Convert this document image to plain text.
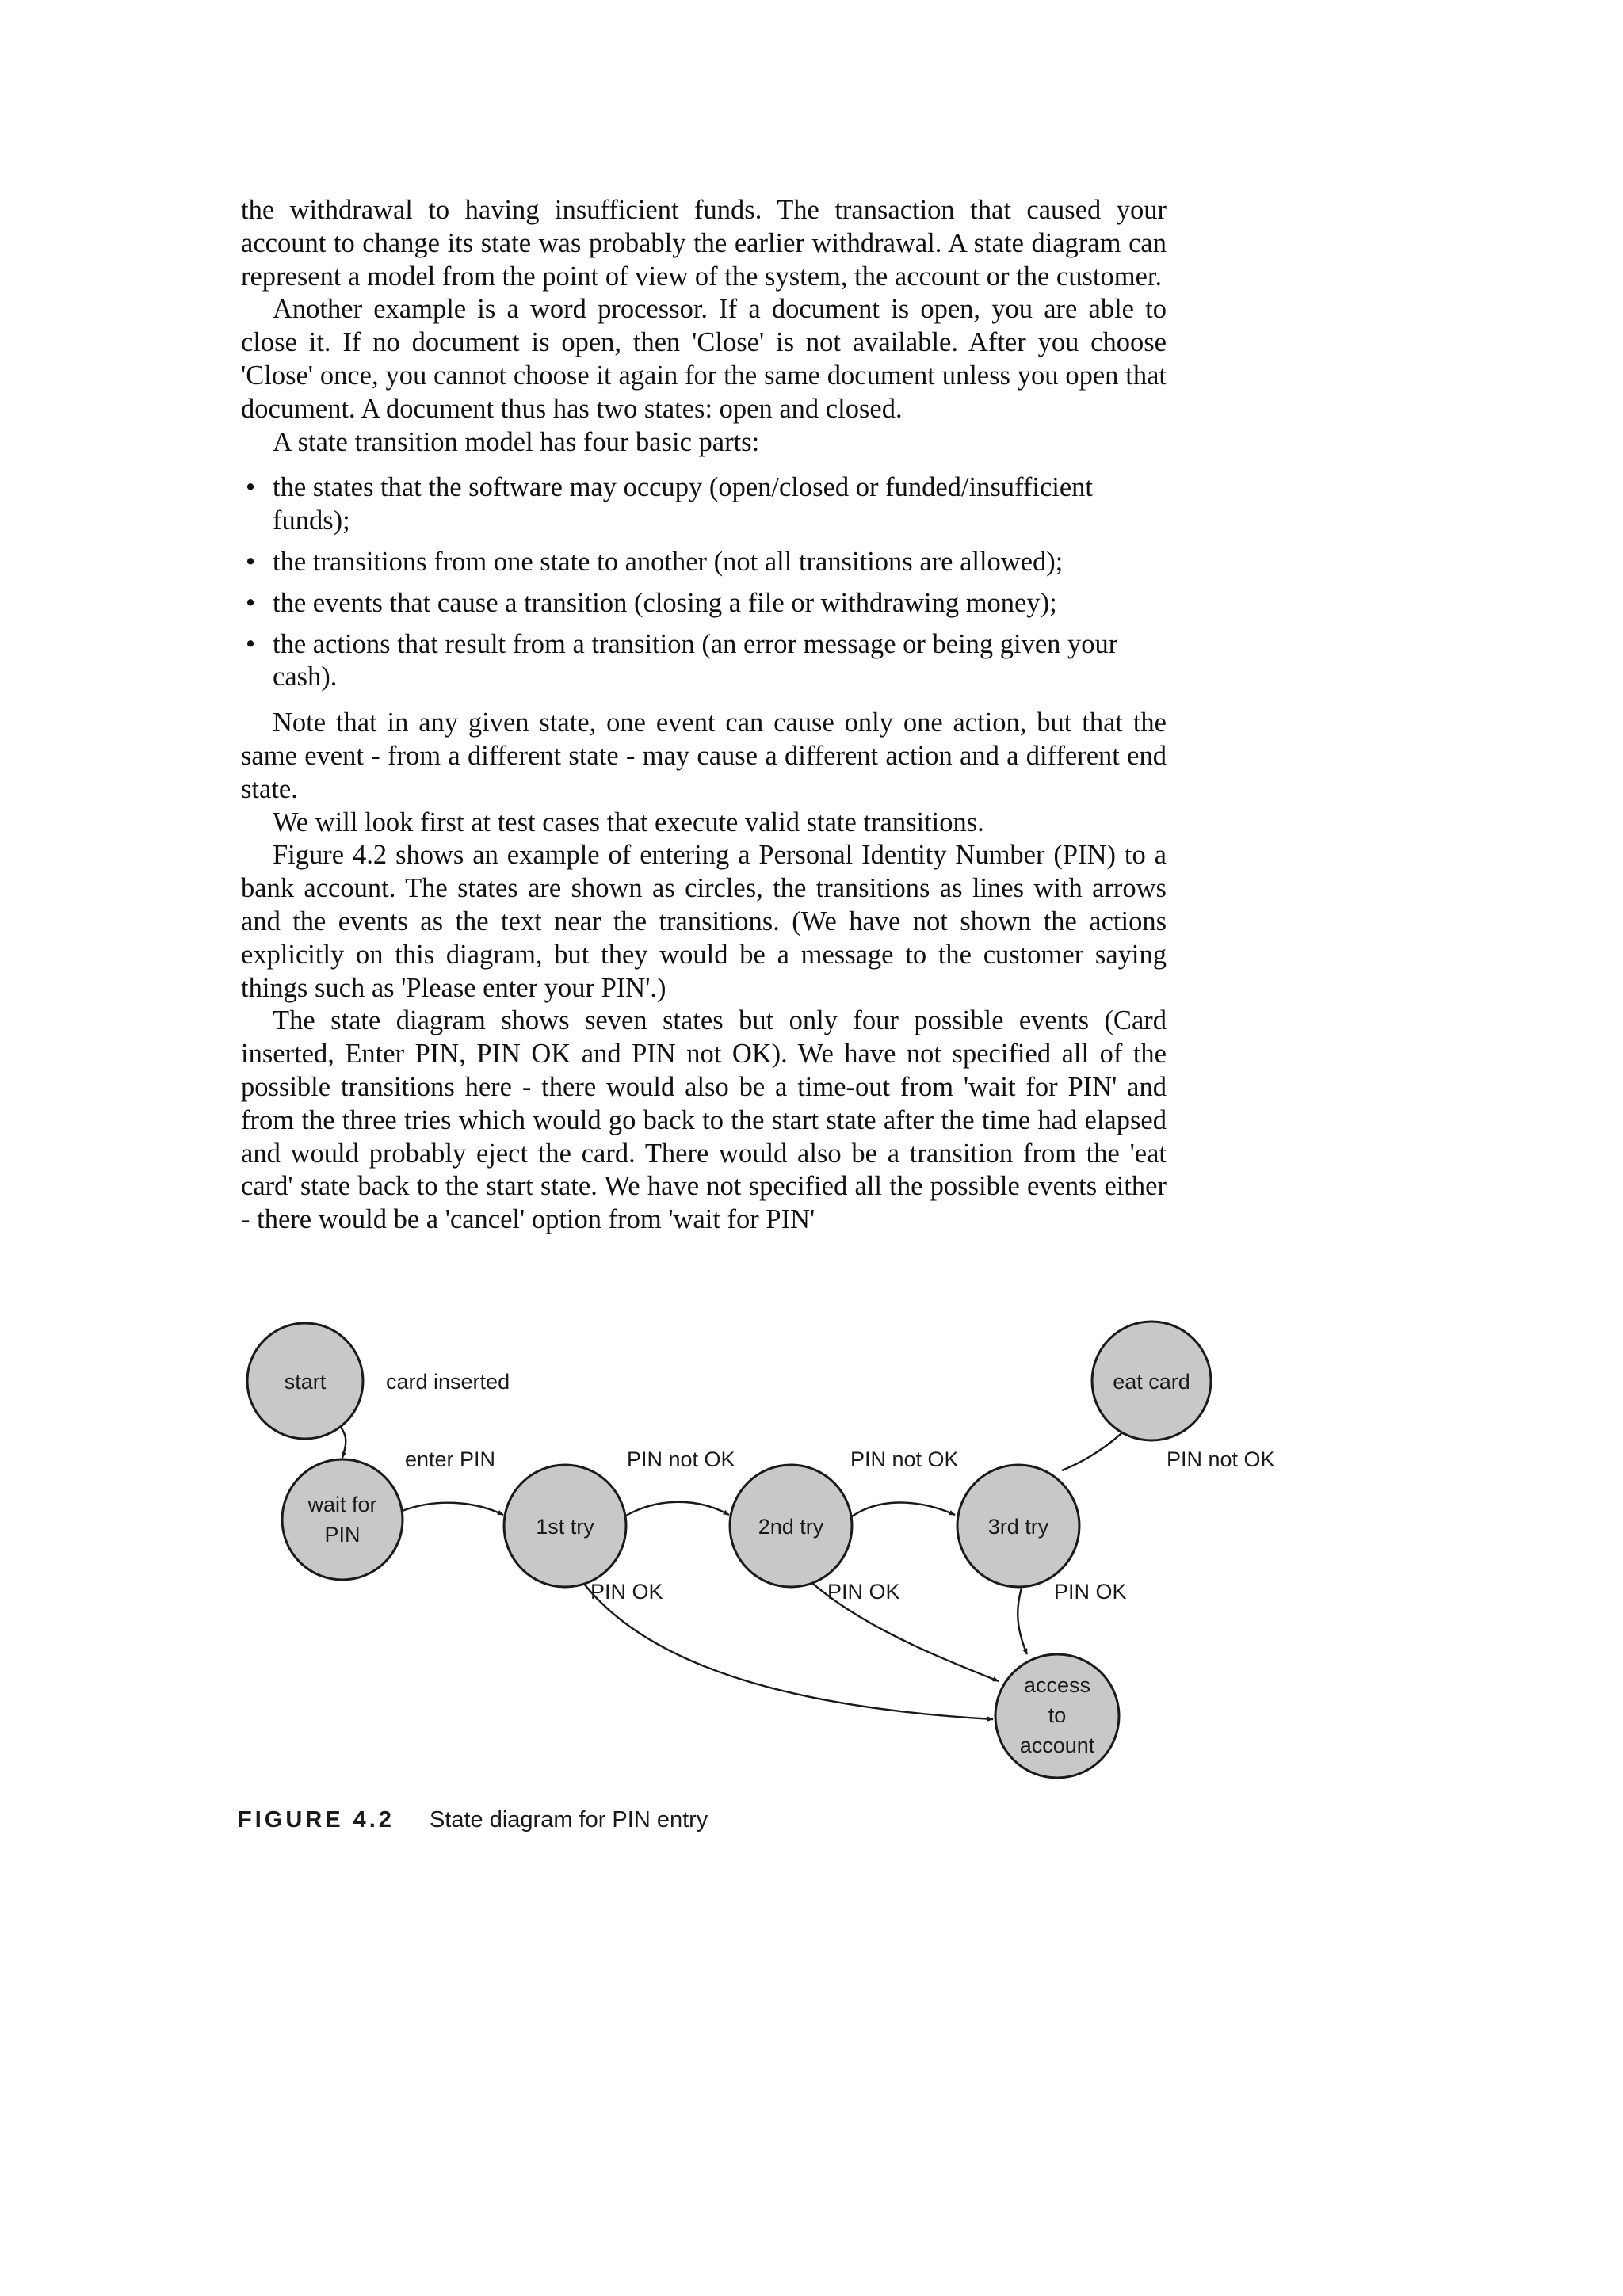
the withdrawal to having insufficient funds. The transaction that caused your account to change its state was probably the earlier withdrawal. A state diagram can represent a model from the point of view of the system, the account or the customer.

Another example is a word processor. If a document is open, you are able to close it. If no document is open, then 'Close' is not available. After you choose 'Close' once, you cannot choose it again for the same document unless you open that document. A document thus has two states: open and closed.

A state transition model has four basic parts:

• the states that the software may occupy (open/closed or funded/insufficient funds);
• the transitions from one state to another (not all transitions are allowed);
• the events that cause a transition (closing a file or withdrawing money);
• the actions that result from a transition (an error message or being given your cash).

Note that in any given state, one event can cause only one action, but that the same event - from a different state - may cause a different action and a different end state.

We will look first at test cases that execute valid state transitions.

Figure 4.2 shows an example of entering a Personal Identity Number (PIN) to a bank account. The states are shown as circles, the transitions as lines with arrows and the events as the text near the transitions. (We have not shown the actions explicitly on this diagram, but they would be a message to the customer saying things such as 'Please enter your PIN'.)

The state diagram shows seven states but only four possible events (Card inserted, Enter PIN, PIN OK and PIN not OK). We have not specified all of the possible transitions here - there would also be a time-out from 'wait for PIN' and from the three tries which would go back to the start state after the time had elapsed and would probably eject the card. There would also be a transition from the 'eat card' state back to the start state. We have not specified all the possible events either - there would be a 'cancel' option from 'wait for PIN'

start
wait for
PIN	1st try	2nd try	3rd try
eat card
access
to
account
card inserted
enter PIN	PIN not OK	PIN not OK	PIN not OK
PIN OK	PIN OK	PIN OK
FIGURE 4.2 State diagram for PIN entry
